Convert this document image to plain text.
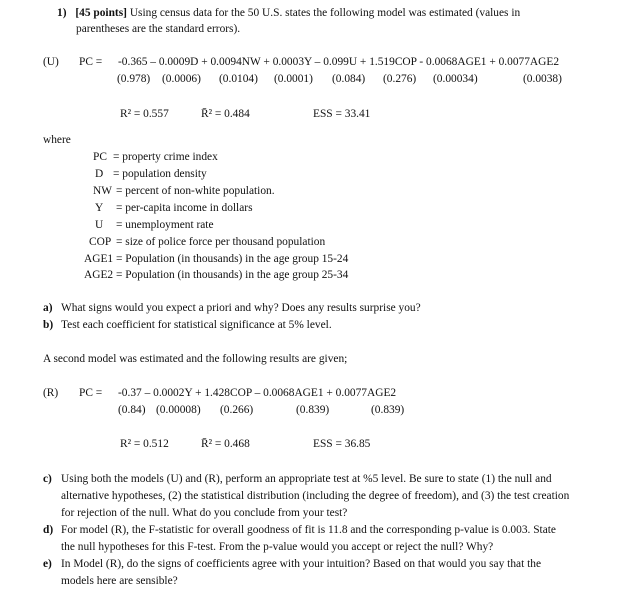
1) [45 points] Using census data for the 50 U.S. states the following model was estimated (values in
parentheses are the standard errors).
(U) PC = -0.365 – 0.0009D + 0.0094NW + 0.0003Y – 0.099U + 1.519COP - 0.0068AGE1 + 0.0077AGE2
(0.978) (0.0006) (0.0104) (0.0001) (0.084) (0.276) (0.00034)	(0.0038)
R² = 0.557	R̄² = 0.484	ESS = 33.41
where
PC = property crime index
D = population density
NW = percent of non-white population.
Y = per-capita income in dollars
U = unemployment rate
COP = size of police force per thousand population
AGE1 = Population (in thousands) in the age group 15-24
AGE2 = Population (in thousands) in the age group 25-34
a) What signs would you expect a priori and why? Does any results surprise you?
b) Test each coefficient for statistical significance at 5% level.
A second model was estimated and the following results are given;
(R) PC = -0.37 – 0.0002Y + 1.428COP – 0.0068AGE1 + 0.0077AGE2
(0.84) (0.00008) (0.266)	(0.839)	(0.839)
R² = 0.512	R̄² = 0.468	ESS = 36.85
c) Using both the models (U) and (R), perform an appropriate test at %5 level. Be sure to state (1) the null and
alternative hypotheses, (2) the statistical distribution (including the degree of freedom), and (3) the test creation
for rejection of the null. What do you conclude from your test?
d) For model (R), the F-statistic for overall goodness of fit is 11.8 and the corresponding p-value is 0.003. State
the null hypotheses for this F-test. From the p-value would you accept or reject the null? Why?
e) In Model (R), do the signs of coefficients agree with your intuition? Based on that would you say that the
models here are sensible?
